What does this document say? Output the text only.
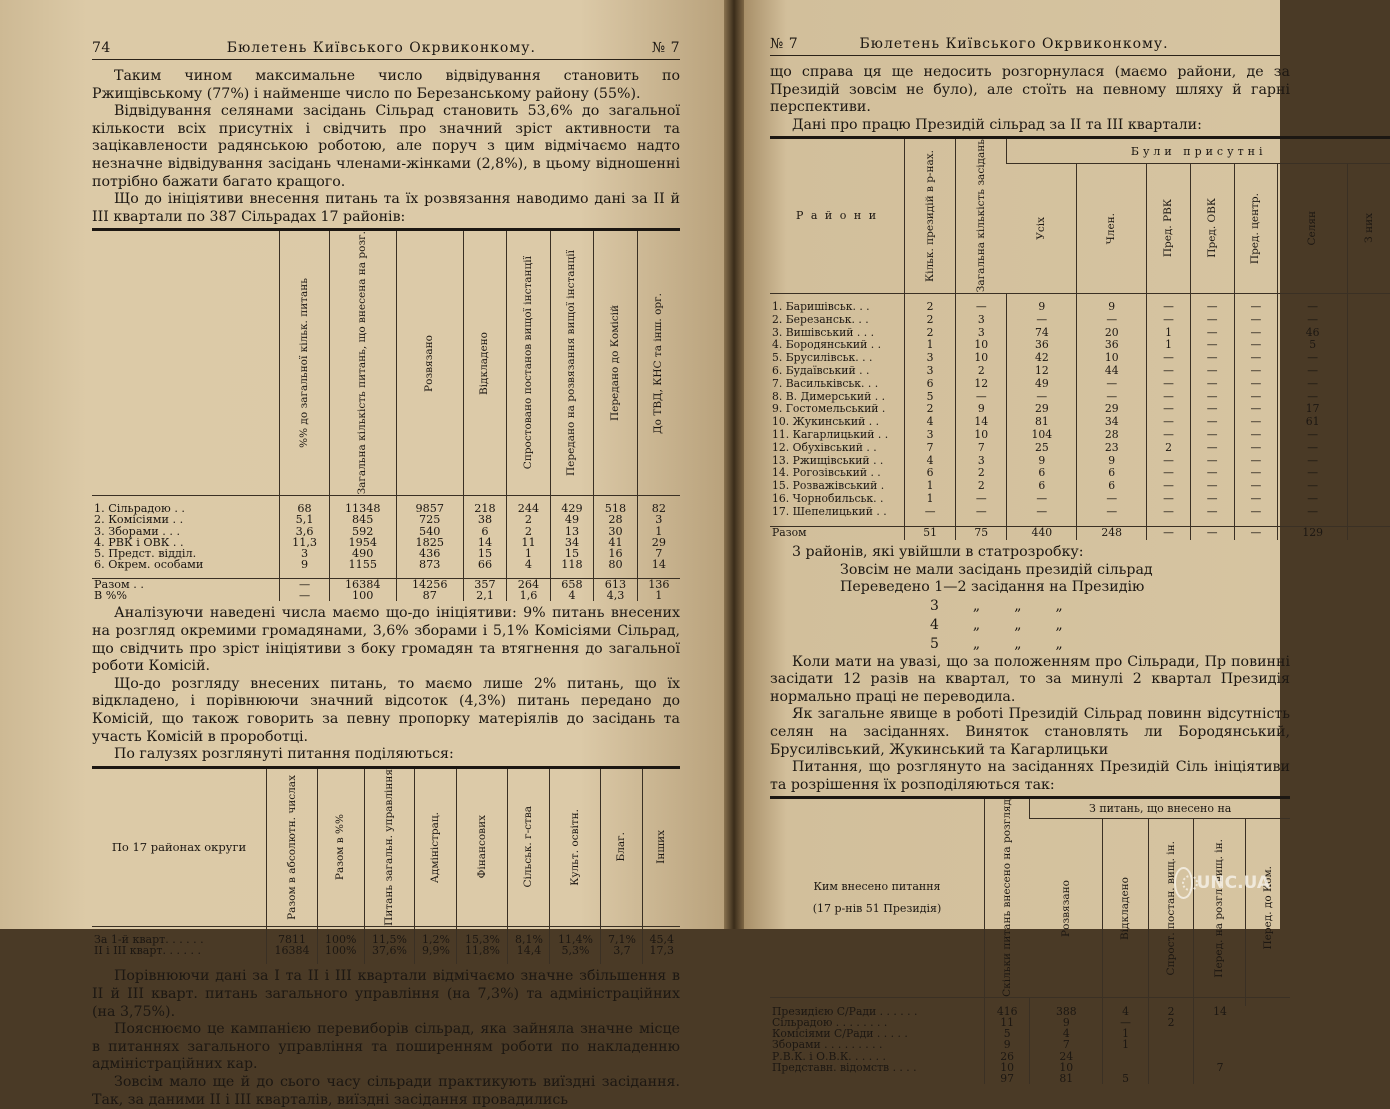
74	Бюлетень Київського Окрвиконкому.	№ 7

Таким чином максимальне число відвідування становить по Ржищівському (77%) і найменше число по Березанському району (55%).

Відвідування селянами засідань Сільрад становить 53,6% до загальної кількости всіх присутніх і свідчить про значний зріст активности та зацікавлености радянською роботою, але поруч з цим відмічаємо надто незначне відвідування засідань членами-жінками (2,8%), в цьому відношенні потрібно бажати багато кращого.

Що до ініціятиви внесення питань та їх розвязання наводимо дані за II й III квартали по 387 Сільрадах 17 районів:

	%% до загальної кільк. питань	Загальна кількість питань, що внесена на розг.	Розвязано	Відкладено	Спростовано постанов вищої інстанції	Передано на розвязання вищої інстанції	Передано до Комісій	До ТВД, КНС та інш. орг.

1. Сільрадою . .	68	11348	9857	218	244	429	518	82
2. Комісіями . .	5,1	845	725	38	2	49	28	3
3. Зборами . . .	3,6	592	540	6	2	13	30	1
4. РВК і ОВК . .	11,3	1954	1825	14	11	34	41	29
5. Предст. відділ.	3	490	436	15	1	15	16	7
6. Окрем. особами	9	1155	873	66	4	118	80	14

Разом . .	—	16384	14256	357	264	658	613	136
В %%	—	100	87	2,1	1,6	4	4,3	1

Аналізуючи наведені числа маємо що-до ініціятиви: 9% питань внесених на розгляд окремими громадянами, 3,6% зборами і 5,1% Комісіями Сільрад, що свідчить про зріст ініціятиви з боку громадян та втягнення до загальної роботи Комісій.

Що-до розгляду внесених питань, то маємо лише 2% питань, що їх відкладено, і порівнюючи значний відсоток (4,3%) питань передано до Комісій, що також говорить за певну пропорку матеріялів до засідань та участь Комісій в пророботці.

По галузях розглянуті питання поділяються:

По 17 районах округи	Разом в абсолютн. числах	Разом в %%	Питань загальн. управління	Адміністрац.	Фінансових	Сільськ. г-ства	Культ. освітн.	Благ.	Інших

За 1-й кварт. . . . . .	7811	100%	11,5%	1,2%	15,3%	8,1%	11,4%	7,1%	45,4
II і III кварт. . . . . .	16384	100%	37,6%	9,9%	11,8%	14,4	5,3%	3,7	17,3

Порівнюючи дані за I та II і III квартали відмічаємо значне збільшення в II й III кварт. питань загального управління (на 7,3%) та адміністраційних (на 3,75%).

Пояснюємо це кампанією перевиборів сільрад, яка зайняла значне місце в питаннях загального управління та поширенням роботи по накладенню адміністраційних кар.

Зовсім мало ще й до сього часу сільради практикують виїздні засідання. Так, за даними II і III кварталів, виїздні засідання провадились

№ 7	Бюлетень Київського Окрвиконкому.

що справа ця ще недосить розгорнулася (маємо райони, де за Президій зовсім не було), але стоїть на певному шляху й гарні перспективи.

Дані про працю Президій сільрад за II та III квартали:

Р а й о н и	Кільк. президій в р-нах.	Загальна кількість засідань	Були присутні						

			Усіх	Член.	Пред. РВК	Пред. ОВК	Пред. центр.	Селян	З них

1. Баришівськ. . .	2	—	9	9	—	—	—	—	
2. Березанськ. . .	2	3	—	—	—	—	—	—	
3. Вишівський . . .	2	3	74	20	1	—	—	46	
4. Бородянський . .	1	10	36	36	1	—	—	5	
5. Брусилівськ. . .	3	10	42	10	—	—	—	—	
6. Будаївський . .	3	2	12	44	—	—	—	—	
7. Васильківськ. . .	6	12	49	—	—	—	—	—	
8. В. Димерський . .	5	—	—	—	—	—	—	—	
9. Гостомельський .	2	9	29	29	—	—	—	17	
10. Жукинський . .	4	14	81	34	—	—	—	61	
11. Кагарлицький . .	3	10	104	28	—	—	—	—	
12. Обухівський . .	7	7	25	23	2	—	—	—	
13. Ржищівський . .	4	3	9	9	—	—	—	—	
14. Рогозівський . .	6	2	6	6	—	—	—	—	
15. Розважівський .	1	2	6	6	—	—	—	—	
16. Чорнобильськ. .	1	—	—	—	—	—	—	—	
17. Шепелицький . .	—	—	—	—	—	—	—	—	

Разом	51	75	440	248	—	—	—	129	

3 районів, які увійшли в статрозробку:

Зовсім не мали засідань президій сільрад

Переведено 1—2 засідання на Президію

3 „ „ „
4 „ „ „
5 „ „ „

Коли мати на увазі, що за положенням про Сільради, Пр повинні засідати 12 разів на квартал, то за минулі 2 квартал Президія нормально праці не переводила.

Як загальне явище в роботі Президій Сільрад повинн відсутність селян на засіданнях. Виняток становлять ли Бородянський, Брусилівський, Жукинський та Кагарлицьки

Питання, що розглянуто на засіданнях Президій Сіль ініціятиви та розрішення їх розподіляються так:

Ким внесено питання
(17 р-нів 51 Президія)	Скільки питань внесено на розгляд	З питань, що внесено на				

		Розвязано	Відкладено	Спрост. постан. вищ. ін.	Перед. на розгл. вищ. ін.	Перед. до Ком.

Президією С/Ради . . . . . .	416	388	4	2	14	
Сільрадою . . . . . . . .	11	9	—	2		
Комісіями С/Ради . . . . .	5	4	1			
Зборами . . . . . . . . .	9	7	1			
Р.В.К. і О.В.К. . . . . .	26	24				
Представн. відомств . . . .	10	10			7	
	97	81	5			
UNC.UA
